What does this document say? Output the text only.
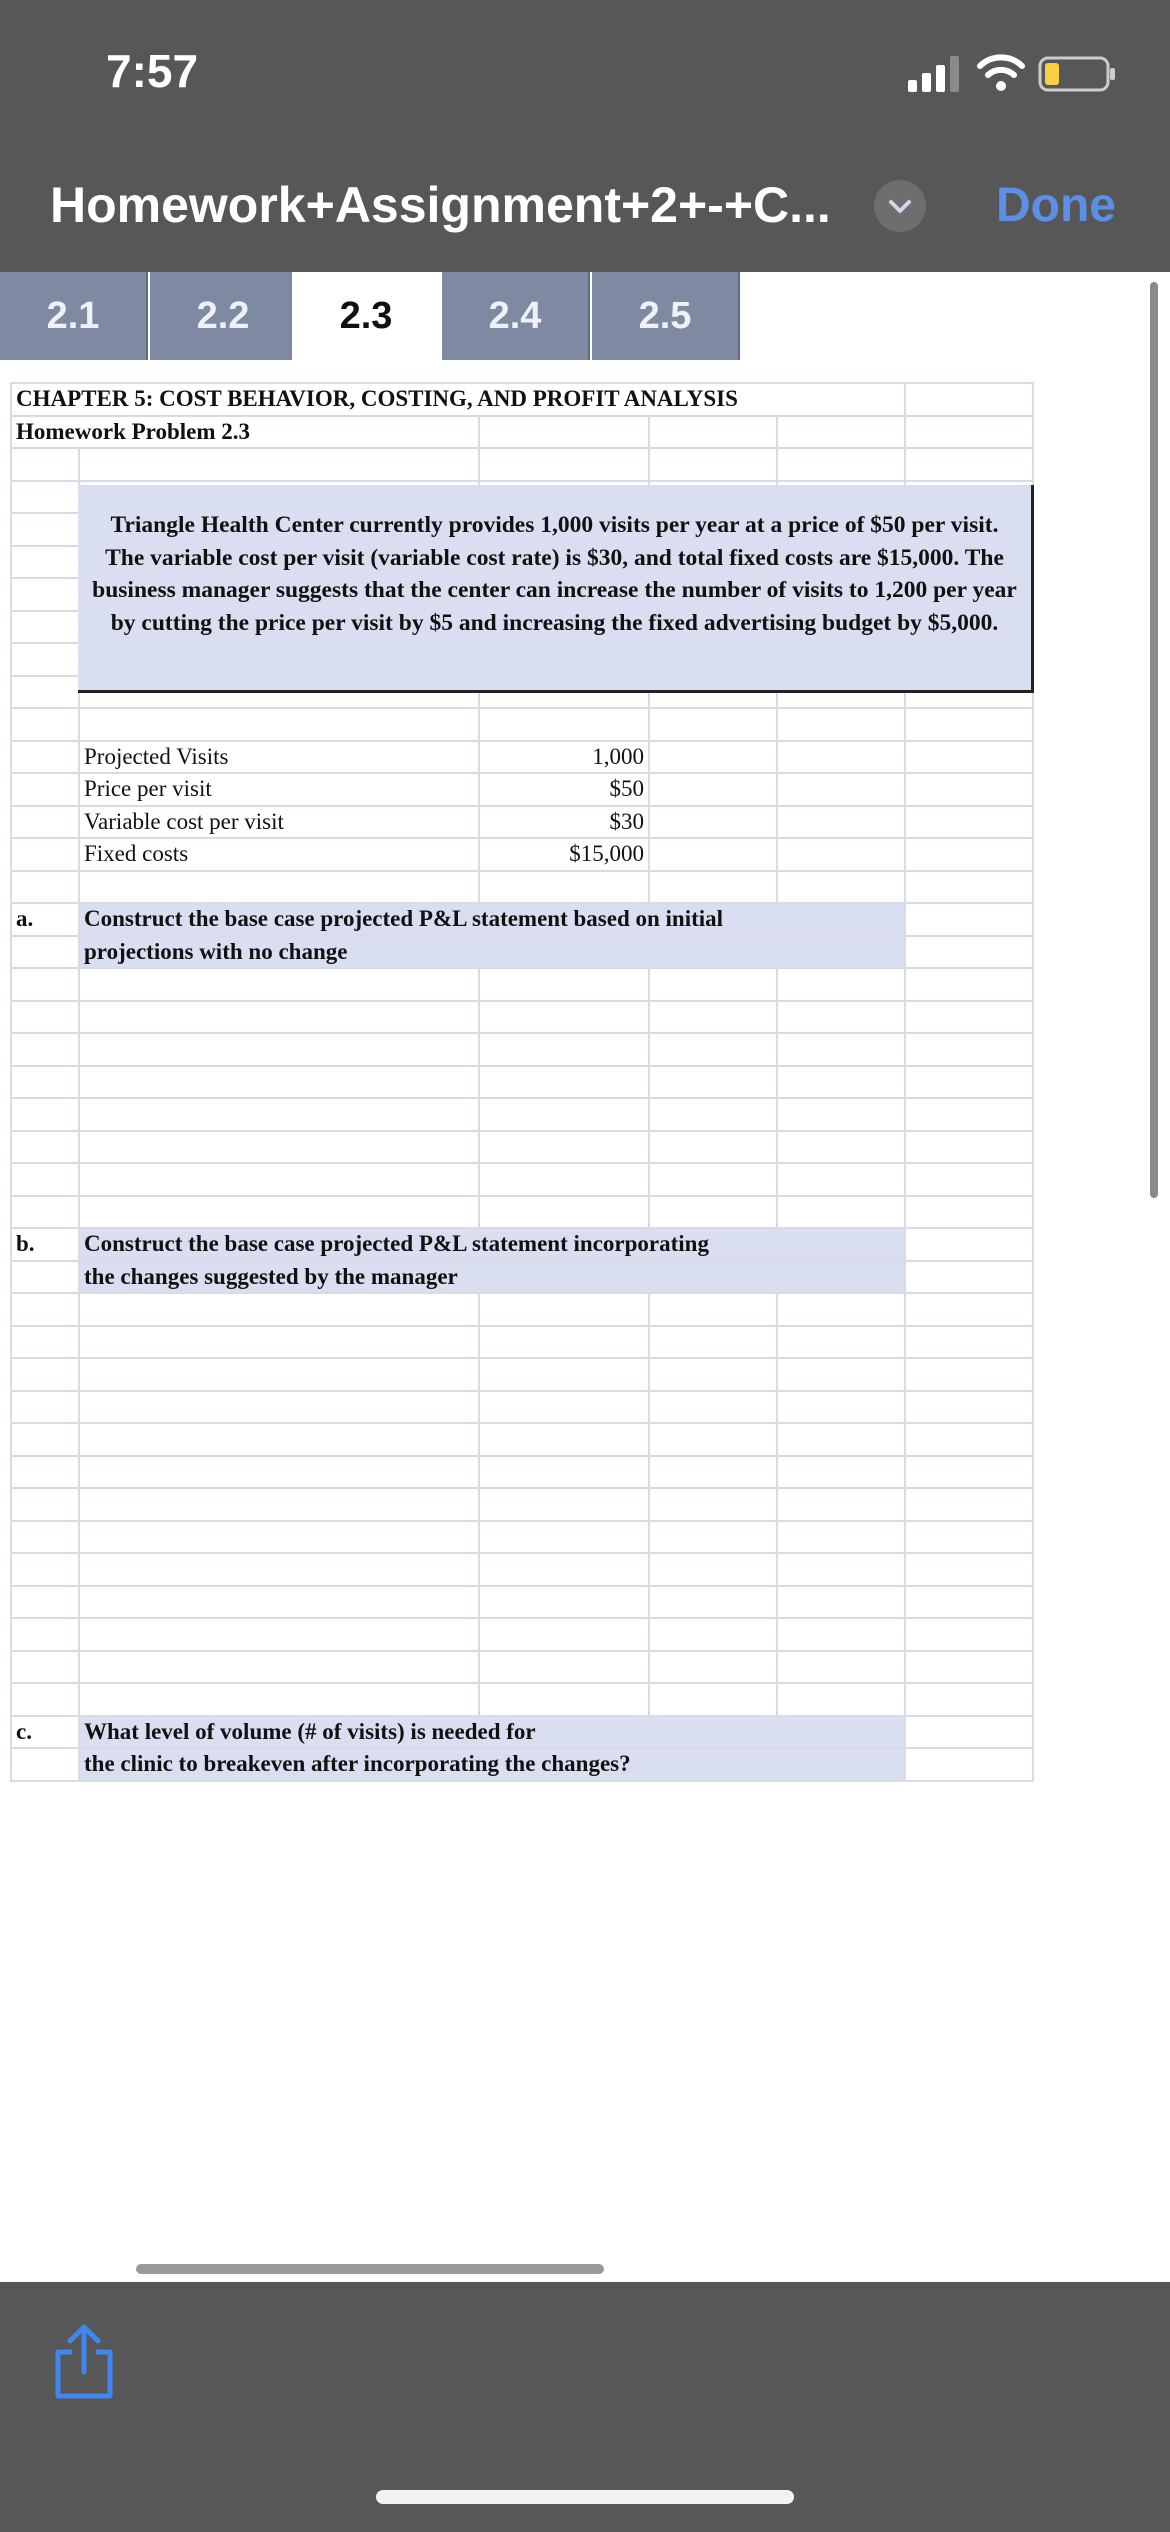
7:57
Homework+Assignment+2+-+C...	Done
2.1	2.2	2.3	2.4	2.5
CHAPTER 5: COST BEHAVIOR, COSTING, AND PROFIT ANALYSIS					
Homework Problem 2.3					

	Projected Visits	1,000			
	Price per visit	$50			
	Variable cost per visit	$30			
	Fixed costs	$15,000			

a.	Construct the base case projected P&L statement based on initial				
	projections with no change				

b.	Construct the base case projected P&L statement incorporating				
	the changes suggested by the manager				

c.	What level of volume (# of visits) is needed for				
	the clinic to breakeven after incorporating the changes?				
Triangle Health Center currently provides 1,000 visits per year at a price of $50 per visit. The variable cost per visit (variable cost rate) is $30, and total fixed costs are $15,000. The business manager suggests that the center can increase the number of visits to 1,200 per year by cutting the price per visit by $5 and increasing the fixed advertising budget by $5,000.
